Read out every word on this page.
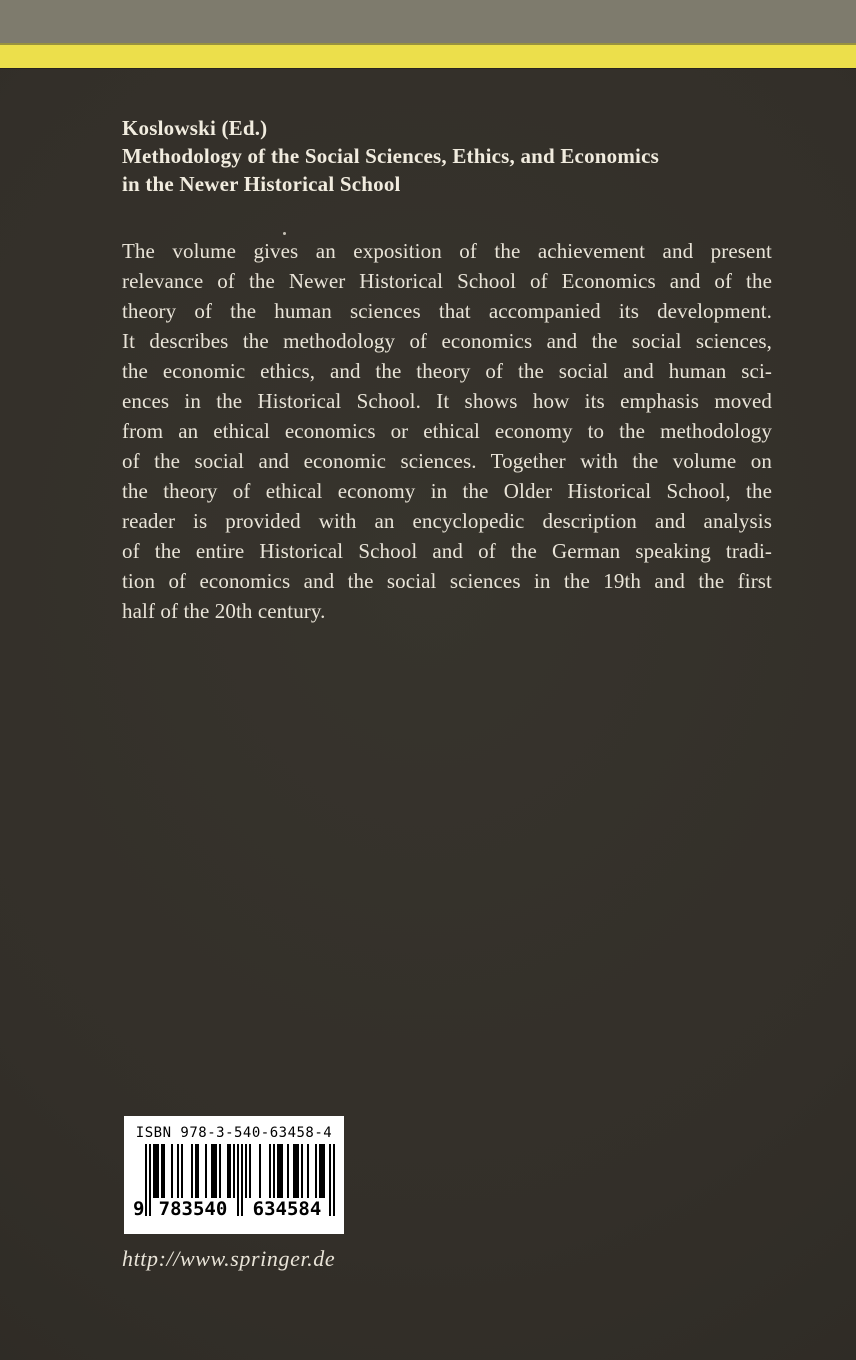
Koslowski (Ed.)
Methodology of the Social Sciences, Ethics, and Economics
in the Newer Historical School
The volume gives an exposition of the achievement and present
relevance of the Newer Historical School of Economics and of the
theory of the human sciences that accompanied its development.
It describes the methodology of economics and the social sciences,
the economic ethics, and the theory of the social and human sci-
ences in the Historical School. It shows how its emphasis moved
from an ethical economics or ethical economy to the methodology
of the social and economic sciences. Together with the volume on
the theory of ethical economy in the Older Historical School, the
reader is provided with an encyclopedic description and analysis
of the entire Historical School and of the German speaking tradi-
tion of economics and the social sciences in the 19th and the first
half of the 20th century.
ISBN 978-3-540-63458-4
9 783540 634584
http://www.springer.de
